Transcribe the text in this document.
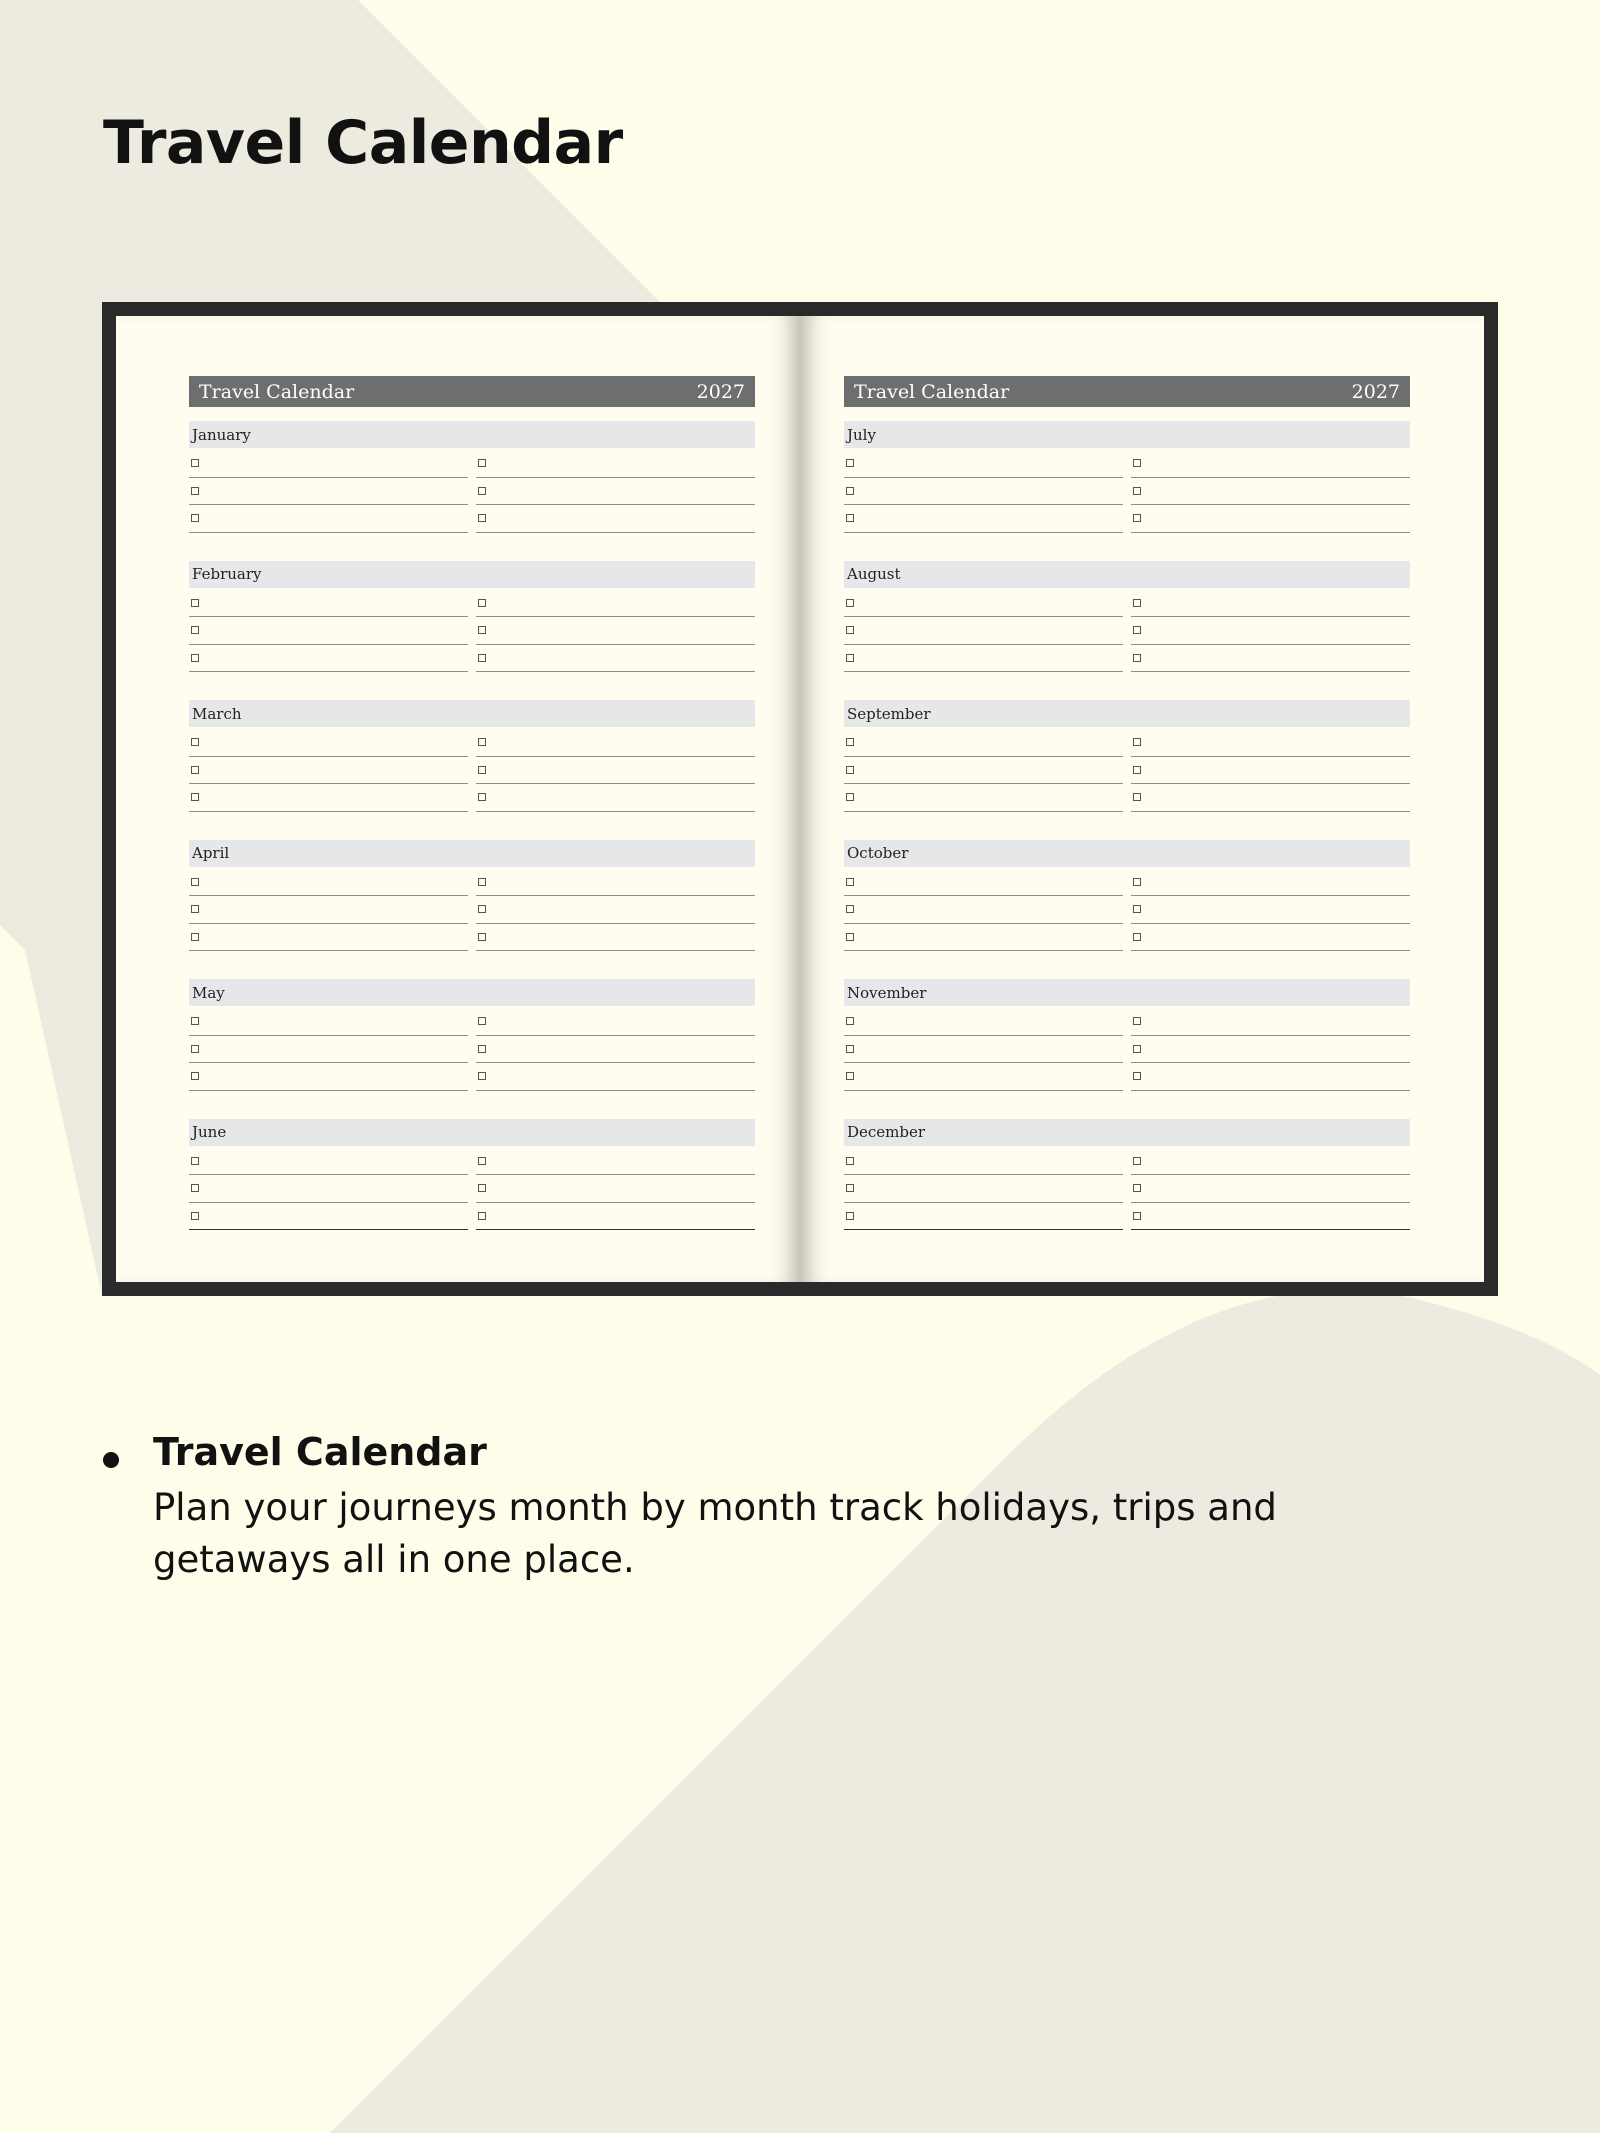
Travel Calendar
Travel Calendar	2027
January
February
March
April
May
June
Travel Calendar	2027
July
August
September
October
November
December
Travel Calendar

Plan your journeys month by month track holidays, trips and getaways all in one place.
